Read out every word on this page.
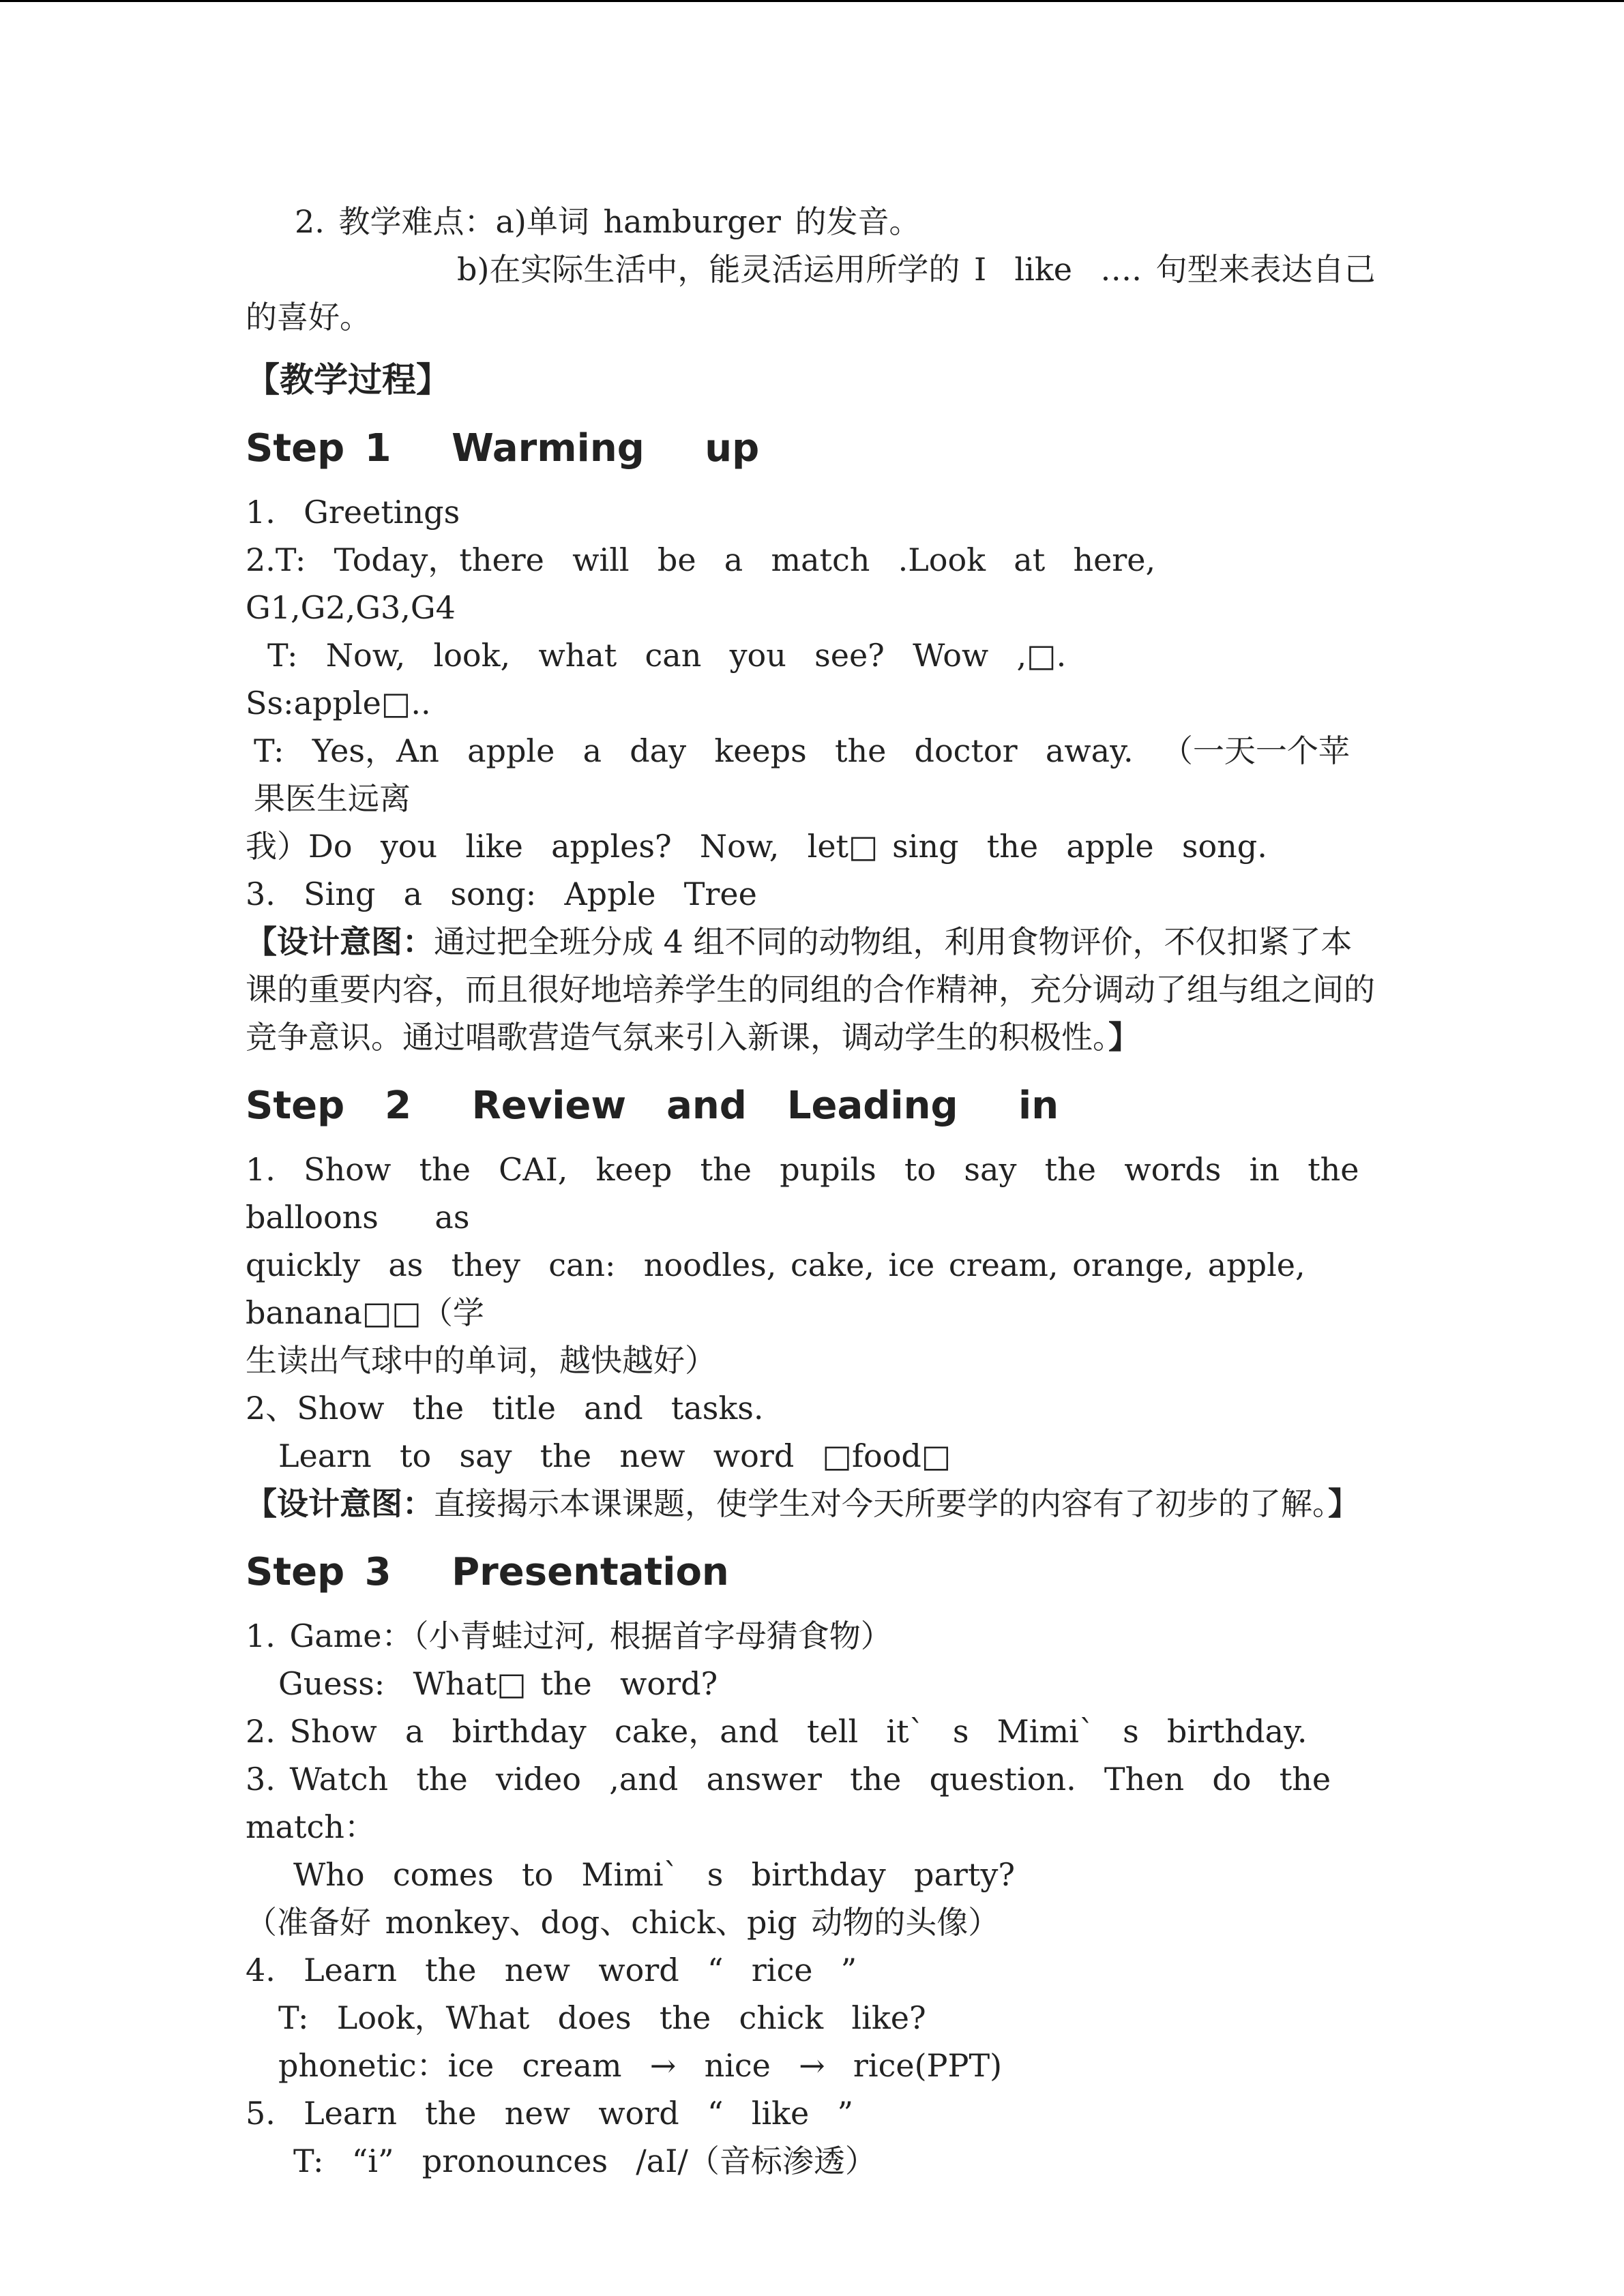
2. 教学难点：a)单词 hamburger 的发音。
b)在实际生活中，能灵活运用所学的 I  like  …. 句型来表达自己
的喜好。
【教学过程】
Step 1   Warming   up
1.  Greetings
2.T:  Today，there  will  be  a  match  .Look  at  here,  G1,G2,G3,G4
T:  Now,  look,  what  can  you  see?  Wow  ,□.
Ss:apple□..
T:  Yes，An  apple  a  day  keeps  the  doctor  away.  （一天一个苹果医生远离
我）Do  you  like  apples?  Now,  let□ sing  the  apple  song.
3.  Sing  a  song:  Apple  Tree
【设计意图：通过把全班分成 4 组不同的动物组，利用食物评价，不仅扣紧了本课的重要内容，而且很好地培养学生的同组的合作精神，充分调动了组与组之间的竞争意识。通过唱歌营造气氛来引入新课，调动学生的积极性。】
Step  2   Review  and  Leading   in
1.  Show  the  CAI,  keep  the  pupils  to  say  the  words  in  the  balloons    as
quickly  as  they  can:  noodles, cake, ice cream, orange, apple, banana□□（学
生读出气球中的单词，越快越好）
2、Show  the  title  and  tasks.
Learn  to  say  the  new  word  □food□
【设计意图：直接揭示本课课题，使学生对今天所要学的内容有了初步的了解。】
Step 3   Presentation
1. Game：（小青蛙过河, 根据首字母猜食物）
Guess:  What□ the  word?
2. Show  a  birthday  cake，and  tell  it`  s  Mimi`  s  birthday.
3. Watch  the  video  ,and  answer  the  question.  Then  do  the  match：
Who  comes  to  Mimi`  s  birthday  party?
（准备好 monkey、dog、chick、pig 动物的头像）
4.  Learn  the  new  word  “  rice  ”
T:  Look，What  does  the  chick  like?
phonetic：ice  cream  →  nice  →  rice(PPT)
5.  Learn  the  new  word  “  like  ”
T:  “i”  pronounces  /aI/（音标渗透）
